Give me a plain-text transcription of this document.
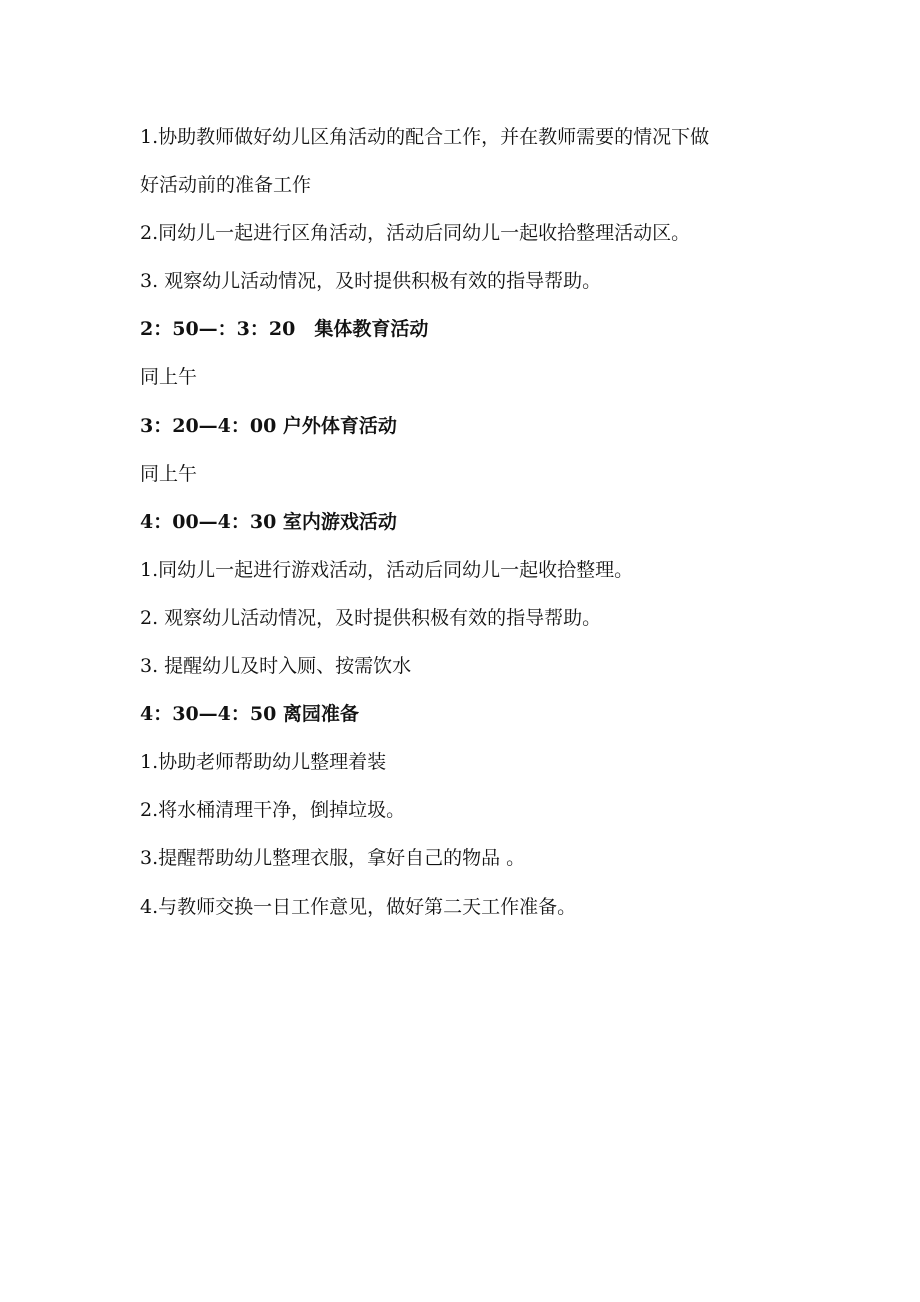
1.协助教师做好幼儿区角活动的配合工作，并在教师需要的情况下做
好活动前的准备工作
2.同幼儿一起进行区角活动，活动后同幼儿一起收拾整理活动区。
3. 观察幼儿活动情况，及时提供积极有效的指导帮助。
2：50—：3：20　集体教育活动
同上午
3：20—4：00 户外体育活动
同上午
4：00—4：30 室内游戏活动
1.同幼儿一起进行游戏活动，活动后同幼儿一起收拾整理。
2. 观察幼儿活动情况，及时提供积极有效的指导帮助。
3. 提醒幼儿及时入厕、按需饮水
4：30—4：50 离园准备
1.协助老师帮助幼儿整理着装
2.将水桶清理干净，倒掉垃圾。
3.提醒帮助幼儿整理衣服，拿好自己的物品 。
4.与教师交换一日工作意见，做好第二天工作准备。
